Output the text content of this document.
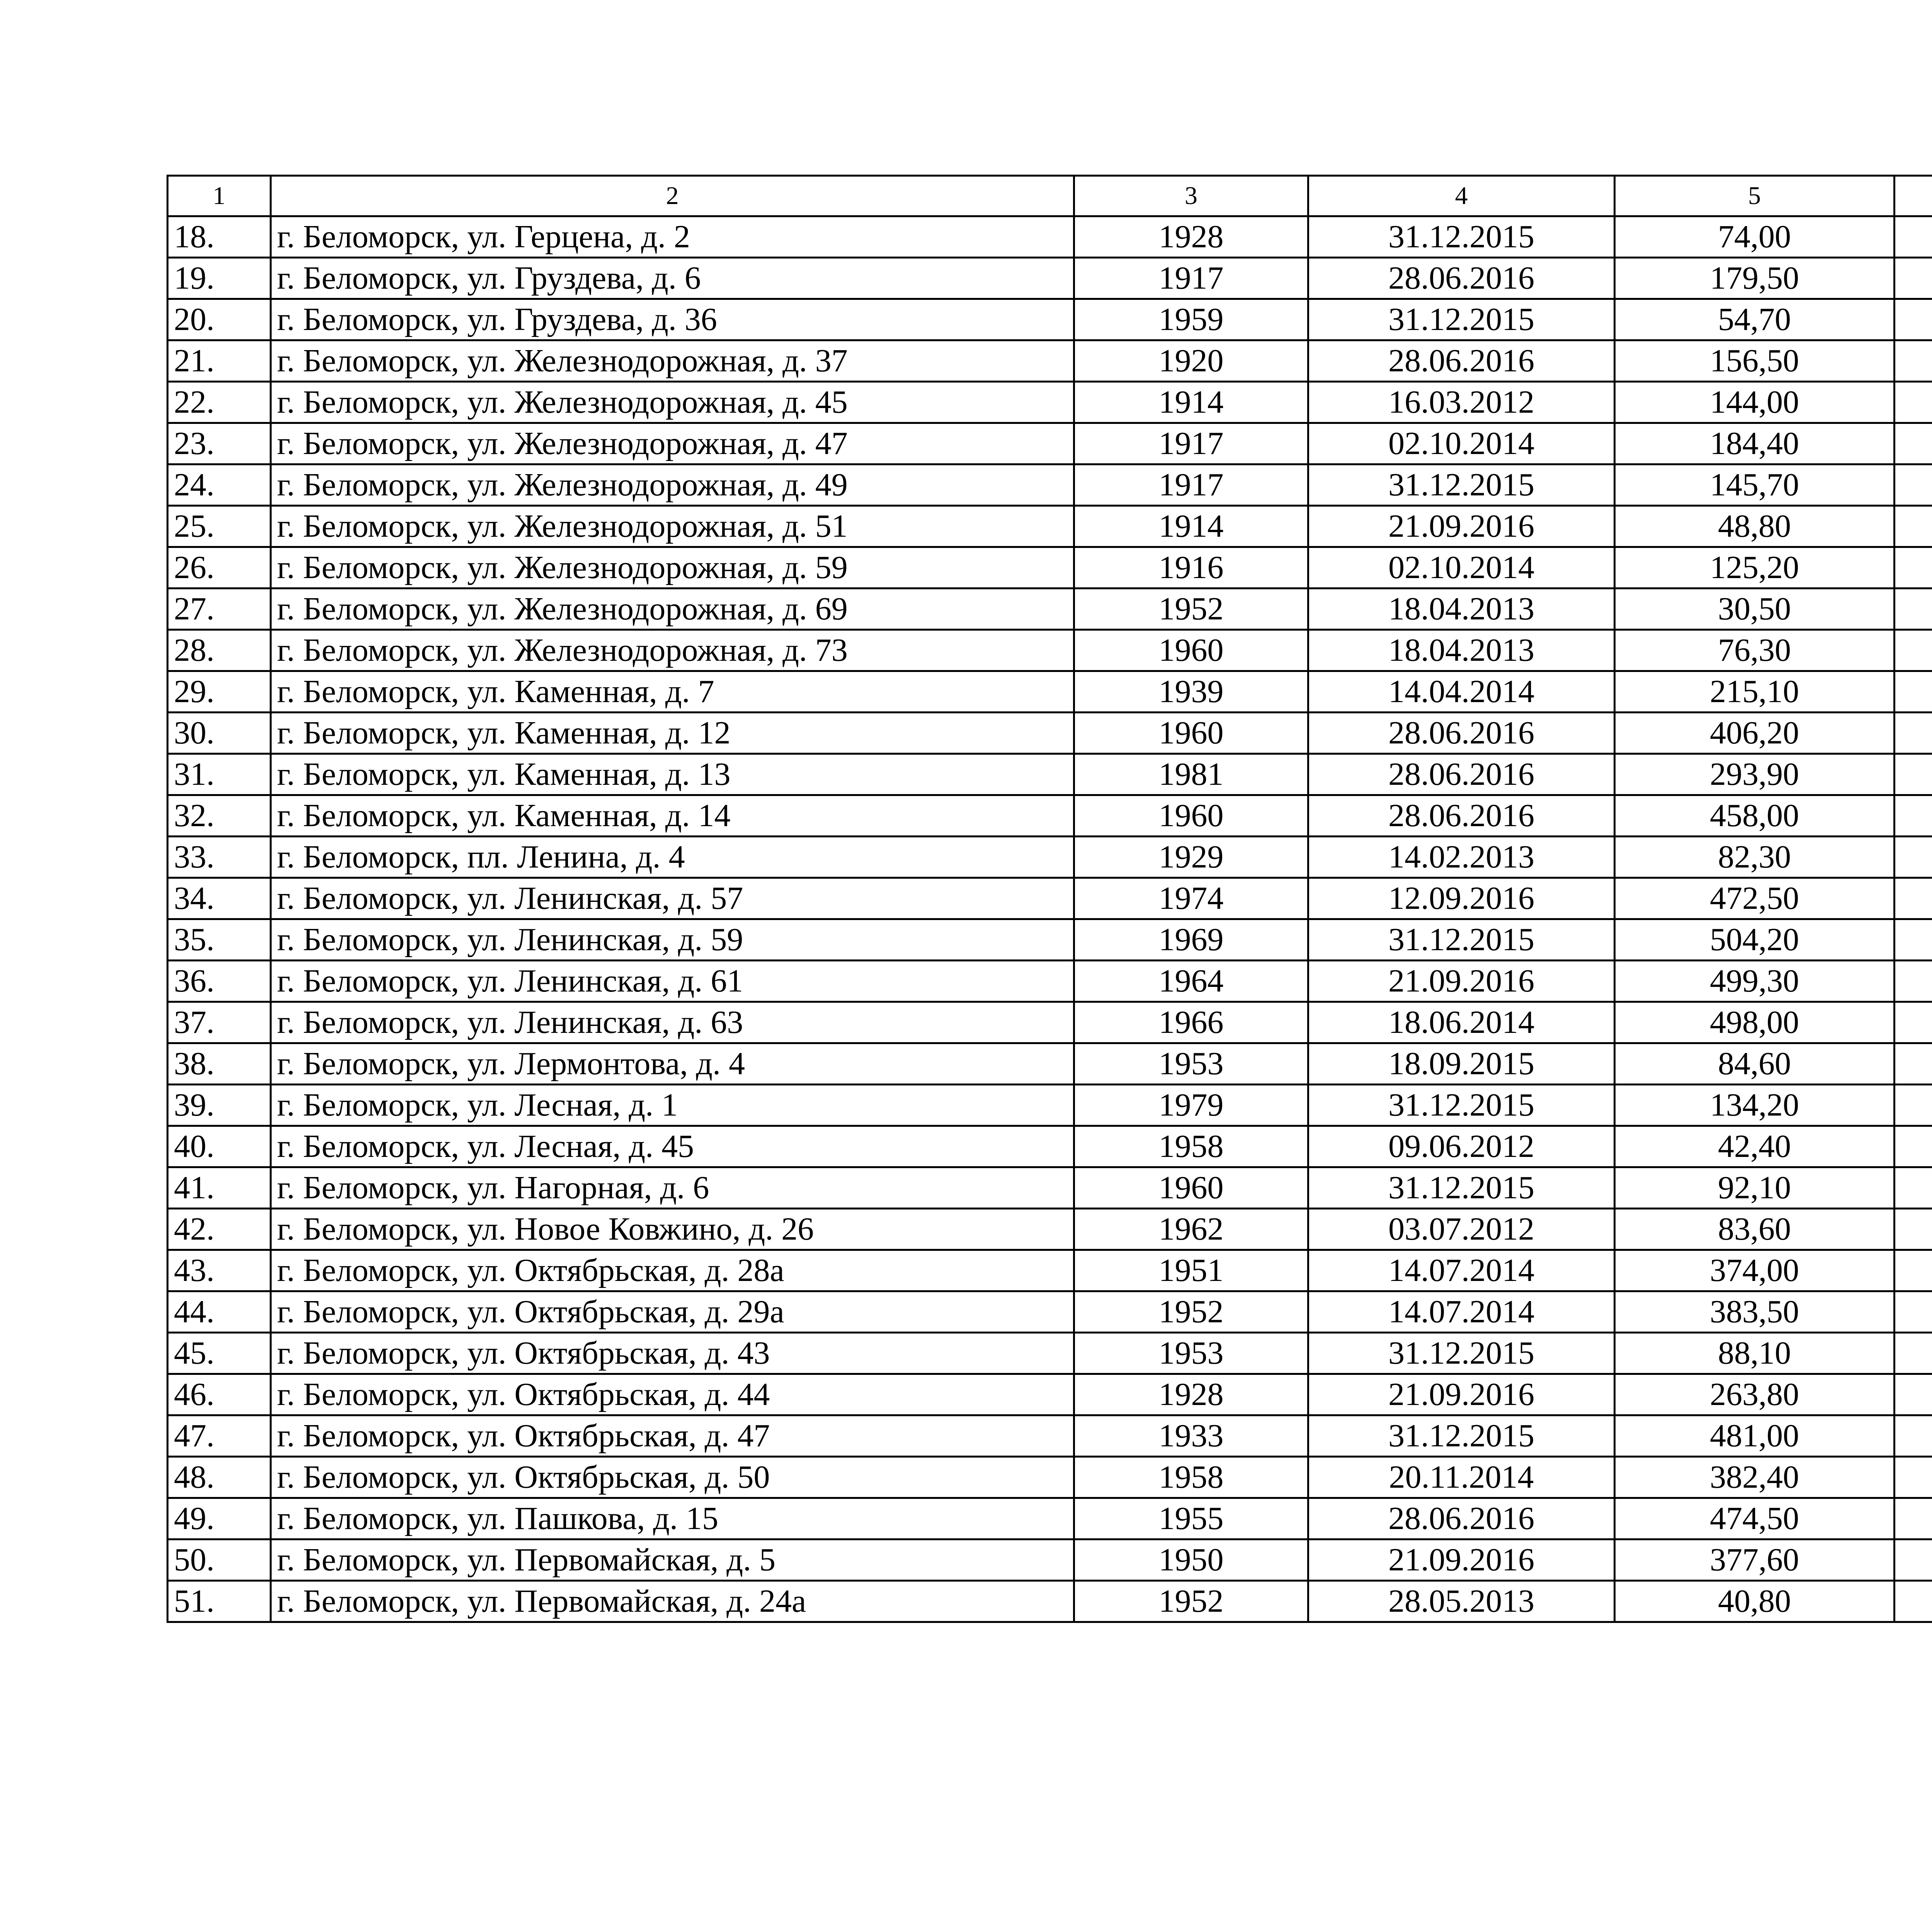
1	2	3	4	5		
18.	г. Беломорск, ул. Герцена, д. 2	1928	31.12.2015	74,00		
19.	г. Беломорск, ул. Груздева, д. 6	1917	28.06.2016	179,50		
20.	г. Беломорск, ул. Груздева, д. 36	1959	31.12.2015	54,70		
21.	г. Беломорск, ул. Железнодорожная, д. 37	1920	28.06.2016	156,50		
22.	г. Беломорск, ул. Железнодорожная, д. 45	1914	16.03.2012	144,00		
23.	г. Беломорск, ул. Железнодорожная, д. 47	1917	02.10.2014	184,40		
24.	г. Беломорск, ул. Железнодорожная, д. 49	1917	31.12.2015	145,70		
25.	г. Беломорск, ул. Железнодорожная, д. 51	1914	21.09.2016	48,80		
26.	г. Беломорск, ул. Железнодорожная, д. 59	1916	02.10.2014	125,20		
27.	г. Беломорск, ул. Железнодорожная, д. 69	1952	18.04.2013	30,50		
28.	г. Беломорск, ул. Железнодорожная, д. 73	1960	18.04.2013	76,30		
29.	г. Беломорск, ул. Каменная, д. 7	1939	14.04.2014	215,10		
30.	г. Беломорск, ул. Каменная, д. 12	1960	28.06.2016	406,20		
31.	г. Беломорск, ул. Каменная, д. 13	1981	28.06.2016	293,90		
32.	г. Беломорск, ул. Каменная, д. 14	1960	28.06.2016	458,00		
33.	г. Беломорск, пл. Ленина, д. 4	1929	14.02.2013	82,30		
34.	г. Беломорск, ул. Ленинская, д. 57	1974	12.09.2016	472,50		
35.	г. Беломорск, ул. Ленинская, д. 59	1969	31.12.2015	504,20		
36.	г. Беломорск, ул. Ленинская, д. 61	1964	21.09.2016	499,30		
37.	г. Беломорск, ул. Ленинская, д. 63	1966	18.06.2014	498,00		
38.	г. Беломорск, ул. Лермонтова, д. 4	1953	18.09.2015	84,60		
39.	г. Беломорск, ул. Лесная, д. 1	1979	31.12.2015	134,20		
40.	г. Беломорск, ул. Лесная, д. 45	1958	09.06.2012	42,40		
41.	г. Беломорск, ул. Нагорная, д. 6	1960	31.12.2015	92,10		
42.	г. Беломорск, ул. Новое Ковжино, д. 26	1962	03.07.2012	83,60		
43.	г. Беломорск, ул. Октябрьская, д. 28а	1951	14.07.2014	374,00		
44.	г. Беломорск, ул. Октябрьская, д. 29а	1952	14.07.2014	383,50		
45.	г. Беломорск, ул. Октябрьская, д. 43	1953	31.12.2015	88,10		
46.	г. Беломорск, ул. Октябрьская, д. 44	1928	21.09.2016	263,80		
47.	г. Беломорск, ул. Октябрьская, д. 47	1933	31.12.2015	481,00		
48.	г. Беломорск, ул. Октябрьская, д. 50	1958	20.11.2014	382,40		
49.	г. Беломорск, ул. Пашкова, д. 15	1955	28.06.2016	474,50		
50.	г. Беломорск, ул. Первомайская, д. 5	1950	21.09.2016	377,60		
51.	г. Беломорск, ул. Первомайская, д. 24а	1952	28.05.2013	40,80		
